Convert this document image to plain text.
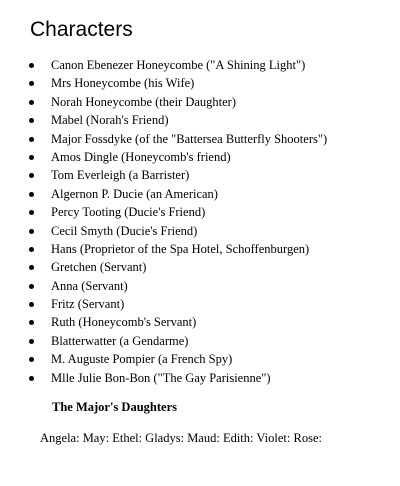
Characters
Canon Ebenezer Honeycombe ("A Shining Light")
Mrs Honeycombe (his Wife)
Norah Honeycombe (their Daughter)
Mabel (Norah's Friend)
Major Fossdyke (of the "Battersea Butterfly Shooters")
Amos Dingle (Honeycomb's friend)
Tom Everleigh (a Barrister)
Algernon P. Ducie (an American)
Percy Tooting (Ducie's Friend)
Cecil Smyth (Ducie's Friend)
Hans (Proprietor of the Spa Hotel, Schoffenburgen)
Gretchen (Servant)
Anna (Servant)
Fritz (Servant)
Ruth (Honeycomb's Servant)
Blatterwatter (a Gendarme)
M. Auguste Pompier (a French Spy)
Mlle Julie Bon-Bon ("The Gay Parisienne")

The Major's Daughters

Angela: May: Ethel: Gladys: Maud: Edith: Violet: Rose:
